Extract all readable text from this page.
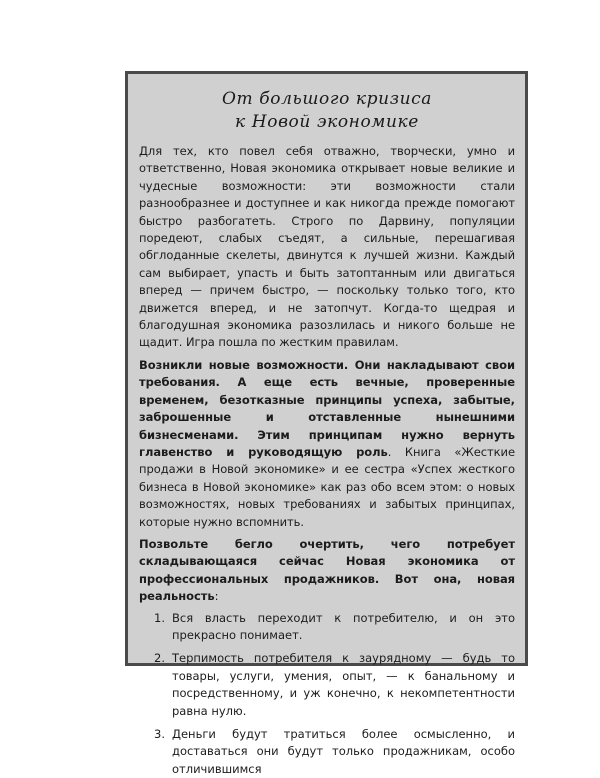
От большого кризиса
к Новой экономике

Для тех, кто повел себя отважно, творчески, умно и ответственно, Новая экономика открывает новые великие и чудесные возможности: эти возможности стали разнообразнее и доступнее и как никогда прежде помогают быстро разбогатеть. Строго по Дарвину, популяции поредеют, слабых съедят, а сильные, перешагивая обглоданные скелеты, двинутся к лучшей жизни. Каждый сам выбирает, упасть и быть затоптанным или двигаться вперед — причем быстро, — поскольку только того, кто движется вперед, и не затопчут. Когда-то щедрая и благодушная экономика разозлилась и никого больше не щадит. Игра пошла по жестким правилам.

Возникли новые возможности. Они накладывают свои требования. А еще есть вечные, проверенные временем, безотказные принципы успеха, забытые, заброшенные и отставленные нынешними бизнесменами. Этим принципам нужно вернуть главенство и руководящую роль. Книга «Жесткие продажи в Новой экономике» и ее сестра «Успех жесткого бизнеса в Новой экономике» как раз обо всем этом: о новых возможностях, новых требованиях и забытых принципах, которые нужно вспомнить.

Позвольте бегло очертить, чего потребует складывающаяся сейчас Новая экономика от профессиональных продажников. Вот она, новая реальность:

1. Вся власть переходит к потребителю, и он это прекрасно понимает.
2. Терпимость потребителя к заурядному — будь то товары, услуги, умения, опыт, — к банальному и посредственному, и уж конечно, к некомпетентности равна нулю.
3. Деньги будут тратиться более осмысленно, и доставаться они будут только продажникам, особо отличившимся
